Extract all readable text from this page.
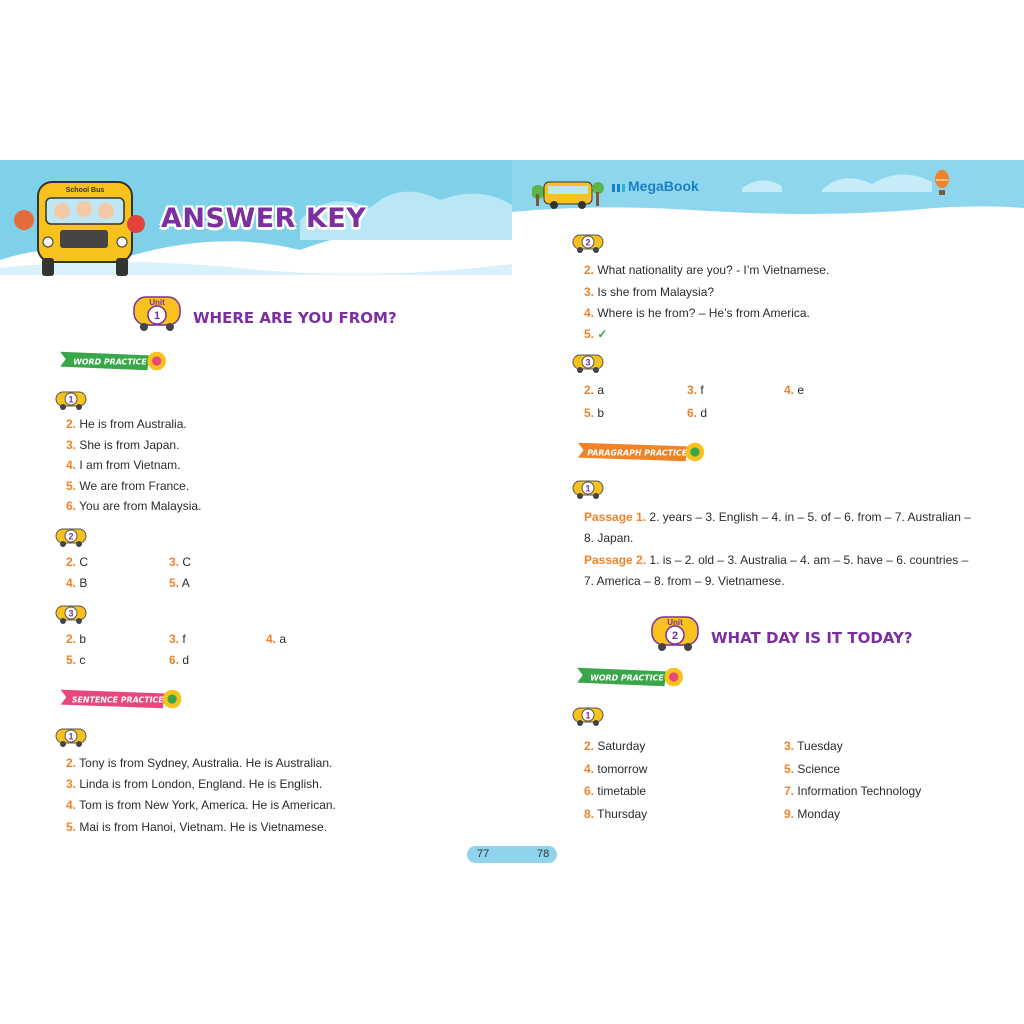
School Bus
ANSWER KEY
MegaBook
Unit
1 WHERE ARE YOU FROM?
WORD PRACTICE
1
2. He is from Australia.
3. She is from Japan.
4. I am from Vietnam.
5. We are from France.
6. You are from Malaysia.
2
2. C	3. C
4. B	5. A
3
2. b	3. f	4. a
5. c	6. d
SENTENCE PRACTICE
1
2. Tony is from Sydney, Australia. He is Australian.
3. Linda is from London, England. He is English.
4. Tom is from New York, America. He is American.
5. Mai is from Hanoi, Vietnam. He is Vietnamese.
2
2. What nationality are you? - I’m Vietnamese.
3. Is she from Malaysia?
4. Where is he from? – He’s from America.
5. ✓
3
2. a	3. f	4. e
5. b	6. d
PARAGRAPH PRACTICE
1
Passage 1. 2. years – 3. English – 4. in – 5. of – 6. from – 7. Australian –
8. Japan.
Passage 2. 1. is – 2. old – 3. Australia – 4. am – 5. have – 6. countries –
7. America – 8. from – 9. Vietnamese.
Unit
2 WHAT DAY IS IT TODAY?
WORD PRACTICE
1
2. Saturday	3. Tuesday
4. tomorrow	5. Science
6. timetable	7. Information Technology
8. Thursday	9. Monday
77	78
